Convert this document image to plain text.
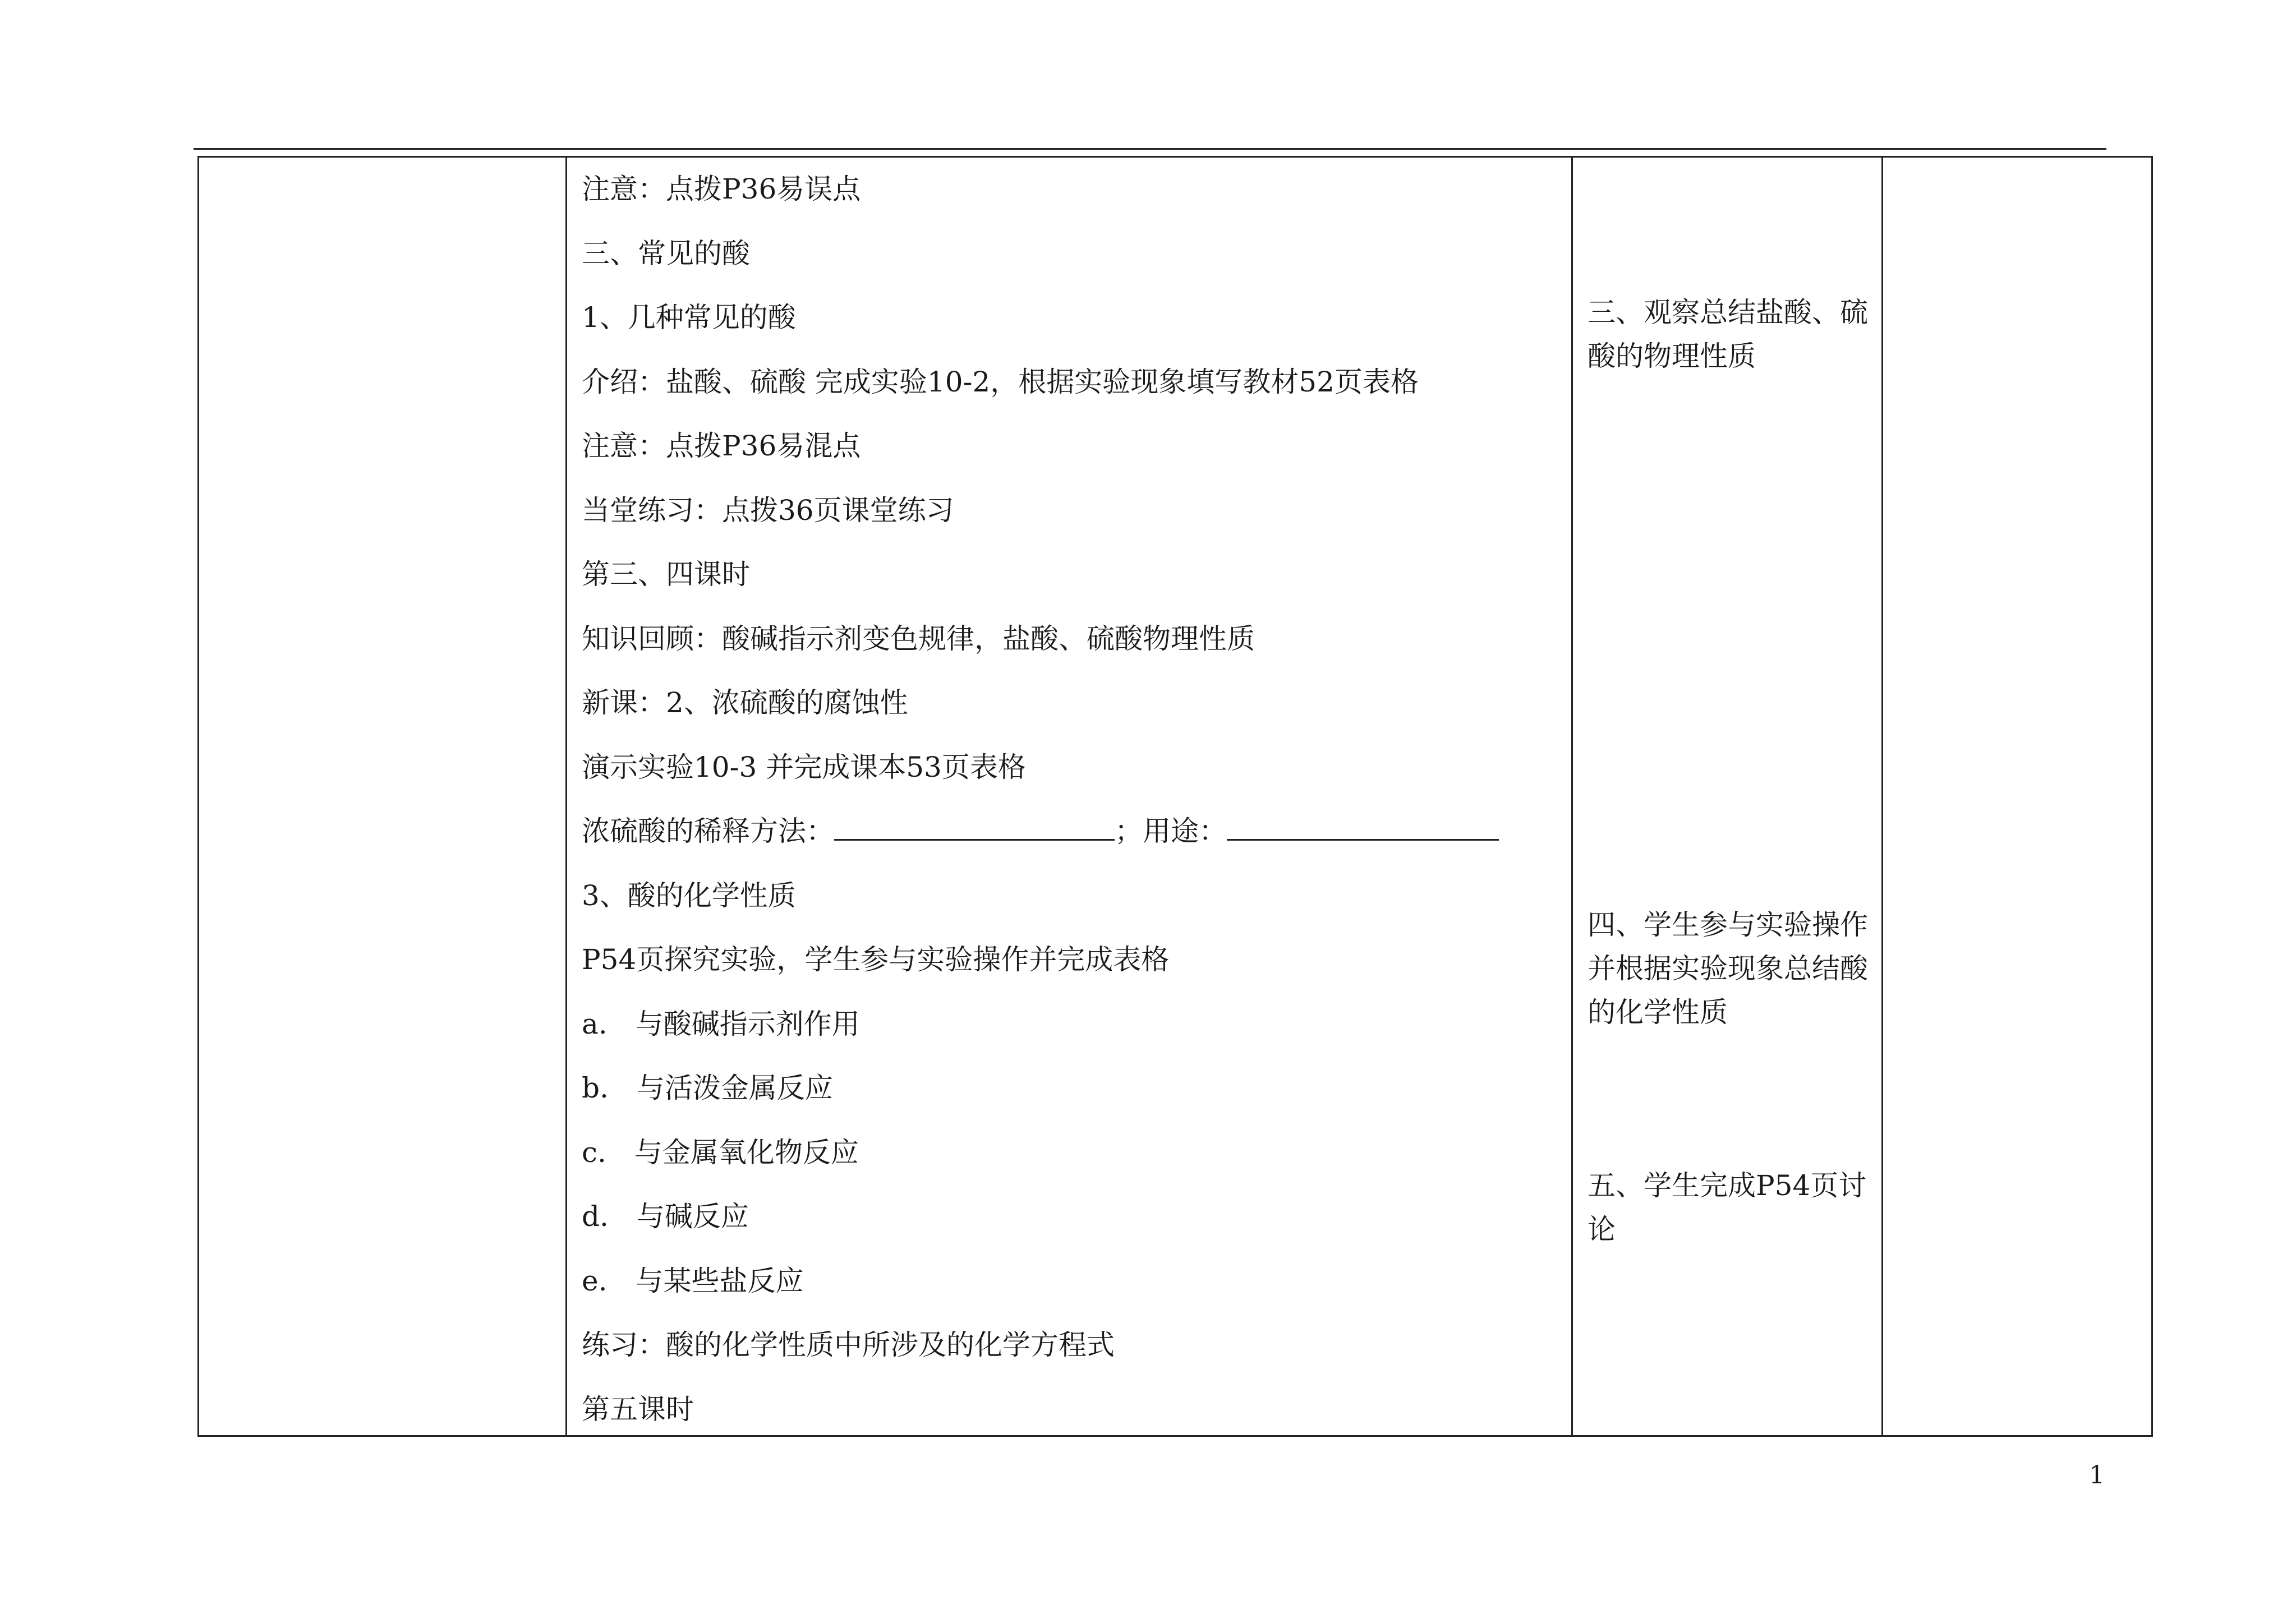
注意：点拨P36易误点
三、常见的酸
1、几种常见的酸
介绍：盐酸、硫酸 完成实验10-2，根据实验现象填写教材52页表格
注意：点拨P36易混点
当堂练习：点拨36页课堂练习
第三、四课时
知识回顾：酸碱指示剂变色规律，盐酸、硫酸物理性质
新课：2、浓硫酸的腐蚀性
演示实验10-3 并完成课本53页表格
浓硫酸的稀释方法：	；用途：
3、酸的化学性质
P54页探究实验，学生参与实验操作并完成表格
a.　与酸碱指示剂作用
b.　与活泼金属反应
c.　与金属氧化物反应
d.　与碱反应
e.　与某些盐反应
练习：酸的化学性质中所涉及的化学方程式
第五课时
三、观察总结盐酸、硫酸的物理性质
四、学生参与实验操作并根据实验现象总结酸的化学性质
五、学生完成P54页讨论
1
